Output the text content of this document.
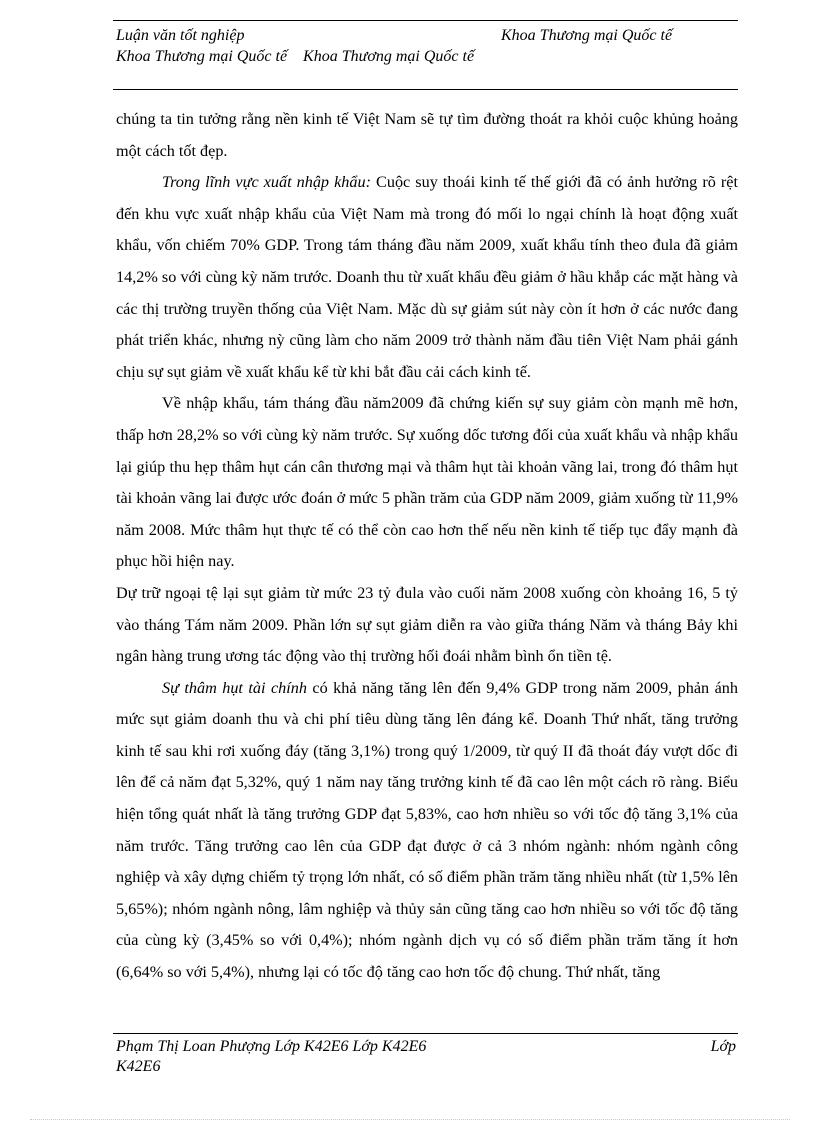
Luận văn tốt nghiệp	Khoa Thương mại Quốc tế
Khoa Thương mại Quốc tế    Khoa Thương mại Quốc tế

chúng ta tin tưởng rằng nền kinh tế Việt Nam sẽ tự tìm đường thoát ra khỏi cuộc khủng hoảng một cách tốt đẹp.

Trong lĩnh vực xuất nhập khẩu: Cuộc suy thoái kinh tế thế giới đã có ảnh hưởng rõ rệt đến khu vực xuất nhập khẩu của Việt Nam mà trong đó mối lo ngại chính là hoạt động xuất khẩu, vốn chiếm 70% GDP. Trong tám tháng đầu năm 2009, xuất khẩu tính theo đula đã giảm 14,2% so với cùng kỳ năm trước. Doanh thu từ xuất khẩu đều giảm ở hầu khắp các mặt hàng và các thị trường truyền thống của Việt Nam. Mặc dù sự giảm sút này còn ít hơn ở các nước đang phát triển khác, nhưng nỳ cũng làm cho năm 2009 trở thành năm đầu tiên Việt Nam phải gánh chịu sự sụt giảm về xuất khẩu kể từ khi bắt đầu cải cách kinh tế.

Về nhập khẩu, tám tháng đầu năm2009 đã chứng kiến sự suy giảm còn mạnh mẽ hơn, thấp hơn 28,2% so với cùng kỳ năm trước. Sự xuống dốc tương đối của xuất khẩu và nhập khẩu lại giúp thu hẹp thâm hụt cán cân thương mại và thâm hụt tài khoản vãng lai, trong đó thâm hụt tài khoản vãng lai được ước đoán ở mức 5 phần trăm của GDP năm 2009, giảm xuống từ 11,9% năm 2008. Mức thâm hụt thực tế có thể còn cao hơn thế nếu nền kinh tế tiếp tục đẩy mạnh đà phục hồi hiện nay.

Dự trữ ngoại tệ lại sụt giảm từ mức 23 tỷ đula vào cuối năm 2008 xuống còn khoảng 16, 5 tỷ vào tháng Tám năm 2009. Phần lớn sự sụt giảm diễn ra vào giữa tháng Năm và tháng Bảy khi ngân hàng trung ương tác động vào thị trường hối đoái nhằm bình ổn tiền tệ.

Sự thâm hụt tài chính có khả năng tăng lên đến 9,4% GDP trong năm 2009, phản ánh mức sụt giảm doanh thu và chi phí tiêu dùng tăng lên đáng kể. Doanh Thứ nhất, tăng trưởng kinh tế sau khi rơi xuống đáy (tăng 3,1%) trong quý 1/2009, từ quý II đã thoát đáy vượt dốc đi lên để cả năm đạt 5,32%, quý 1 năm nay tăng trưởng kinh tế đã cao lên một cách rõ ràng. Biểu hiện tổng quát nhất là tăng trưởng GDP đạt 5,83%, cao hơn nhiều so với tốc độ tăng 3,1% của năm trước. Tăng trưởng cao lên của GDP đạt được ở cả 3 nhóm ngành: nhóm ngành công nghiệp và xây dựng chiếm tỷ trọng lớn nhất, có số điểm phần trăm tăng nhiều nhất (từ 1,5% lên 5,65%); nhóm ngành nông, lâm nghiệp và thủy sản cũng tăng cao hơn nhiều so với tốc độ tăng của cùng kỳ (3,45% so với 0,4%); nhóm ngành dịch vụ có số điểm phần trăm tăng ít hơn (6,64% so với 5,4%), nhưng lại có tốc độ tăng cao hơn tốc độ chung. Thứ nhất, tăng

Phạm Thị Loan Phượng Lớp K42E6 Lớp K42E6	Lớp
K42E6
